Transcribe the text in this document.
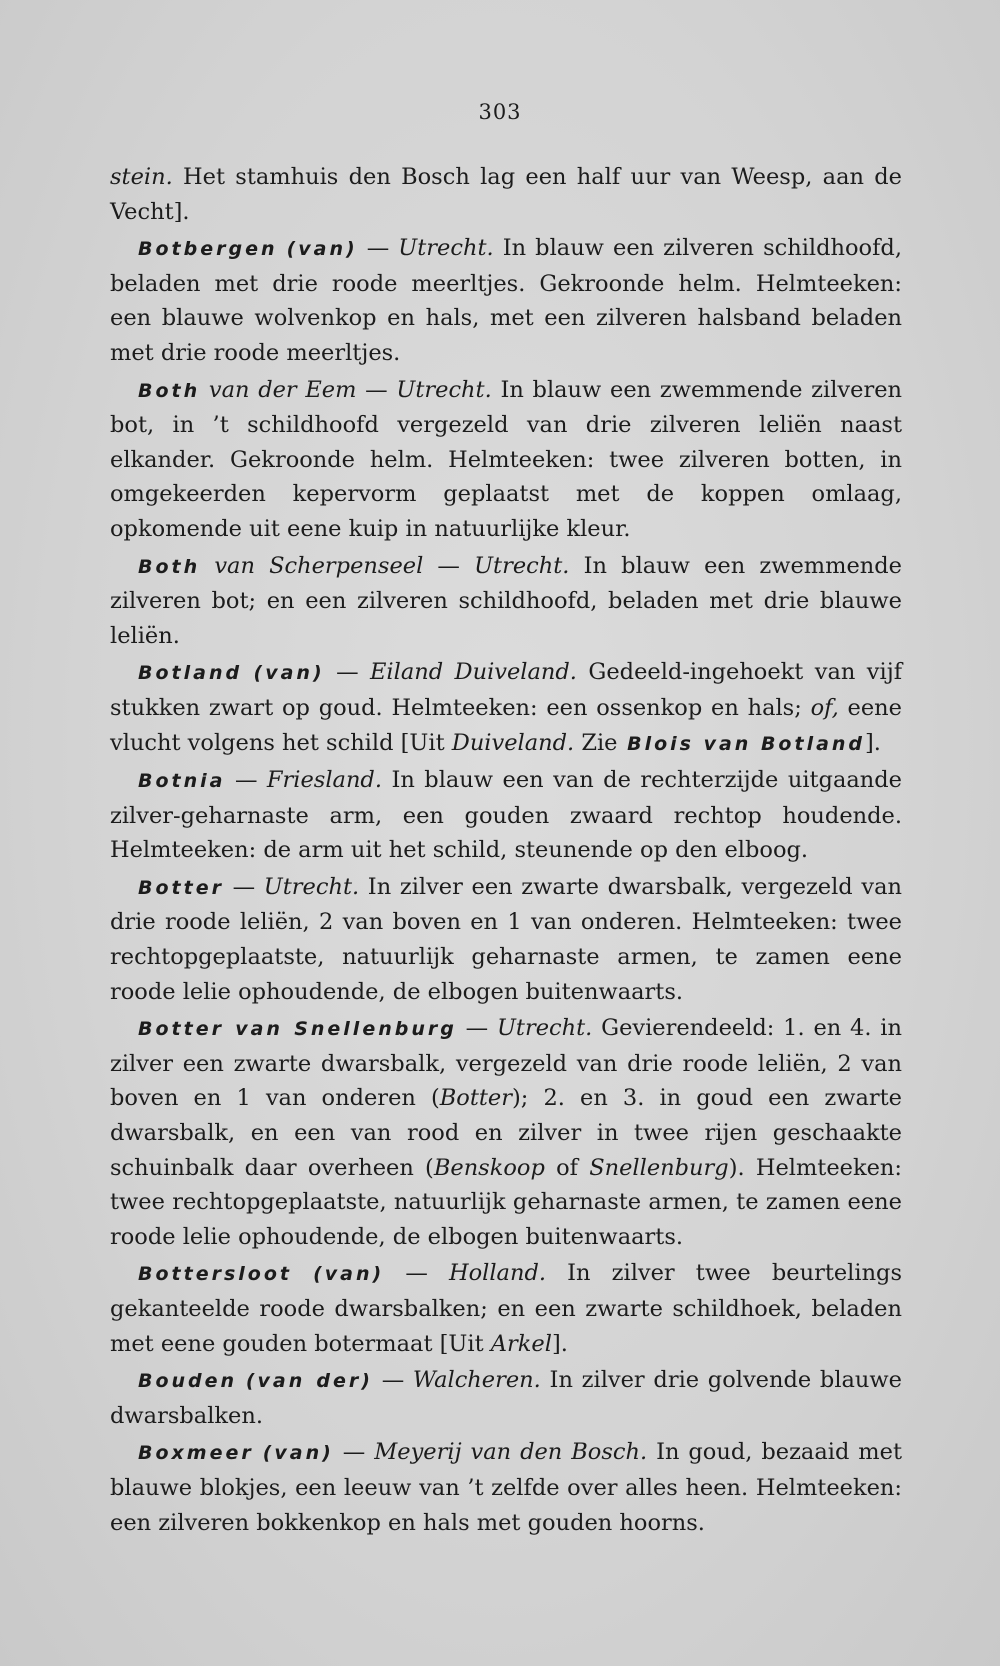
303

stein. Het stamhuis den Bosch lag een half uur van Weesp, aan de Vecht].

Botbergen (van) — Utrecht. In blauw een zilveren schildhoofd, beladen met drie roode meerltjes. Gekroonde helm. Helmteeken: een blauwe wolvenkop en hals, met een zilveren halsband beladen met drie roode meerltjes.

Both van der Eem — Utrecht. In blauw een zwemmende zilveren bot, in ’t schildhoofd vergezeld van drie zilveren leliën naast elkander. Gekroonde helm. Helmteeken: twee zilveren botten, in omgekeerden kepervorm geplaatst met de koppen omlaag, opkomende uit eene kuip in natuurlijke kleur.

Both van Scherpenseel — Utrecht. In blauw een zwemmende zilveren bot; en een zilveren schildhoofd, beladen met drie blauwe leliën.

Botland (van) — Eiland Duiveland. Gedeeld-ingehoekt van vijf stukken zwart op goud. Helmteeken: een ossenkop en hals; of, eene vlucht volgens het schild [Uit Duiveland. Zie Blois van Botland].

Botnia — Friesland. In blauw een van de rechterzijde uitgaande zilver-geharnaste arm, een gouden zwaard rechtop houdende. Helmteeken: de arm uit het schild, steunende op den elboog.

Botter — Utrecht. In zilver een zwarte dwarsbalk, vergezeld van drie roode leliën, 2 van boven en 1 van onderen. Helmteeken: twee rechtopgeplaatste, natuurlijk geharnaste armen, te zamen eene roode lelie ophoudende, de elbogen buitenwaarts.

Botter van Snellenburg — Utrecht. Gevierendeeld: 1. en 4. in zilver een zwarte dwarsbalk, vergezeld van drie roode leliën, 2 van boven en 1 van onderen (Botter); 2. en 3. in goud een zwarte dwarsbalk, en een van rood en zilver in twee rijen geschaakte schuinbalk daar overheen (Benskoop of Snellenburg). Helmteeken: twee rechtopgeplaatste, natuurlijk geharnaste armen, te zamen eene roode lelie ophoudende, de elbogen buitenwaarts.

Bottersloot (van) — Holland. In zilver twee beurtelings gekanteelde roode dwarsbalken; en een zwarte schildhoek, beladen met eene gouden botermaat [Uit Arkel].

Bouden (van der) — Walcheren. In zilver drie golvende blauwe dwarsbalken.

Boxmeer (van) — Meyerij van den Bosch. In goud, bezaaid met blauwe blokjes, een leeuw van ’t zelfde over alles heen. Helmteeken: een zilveren bokkenkop en hals met gouden hoorns.
